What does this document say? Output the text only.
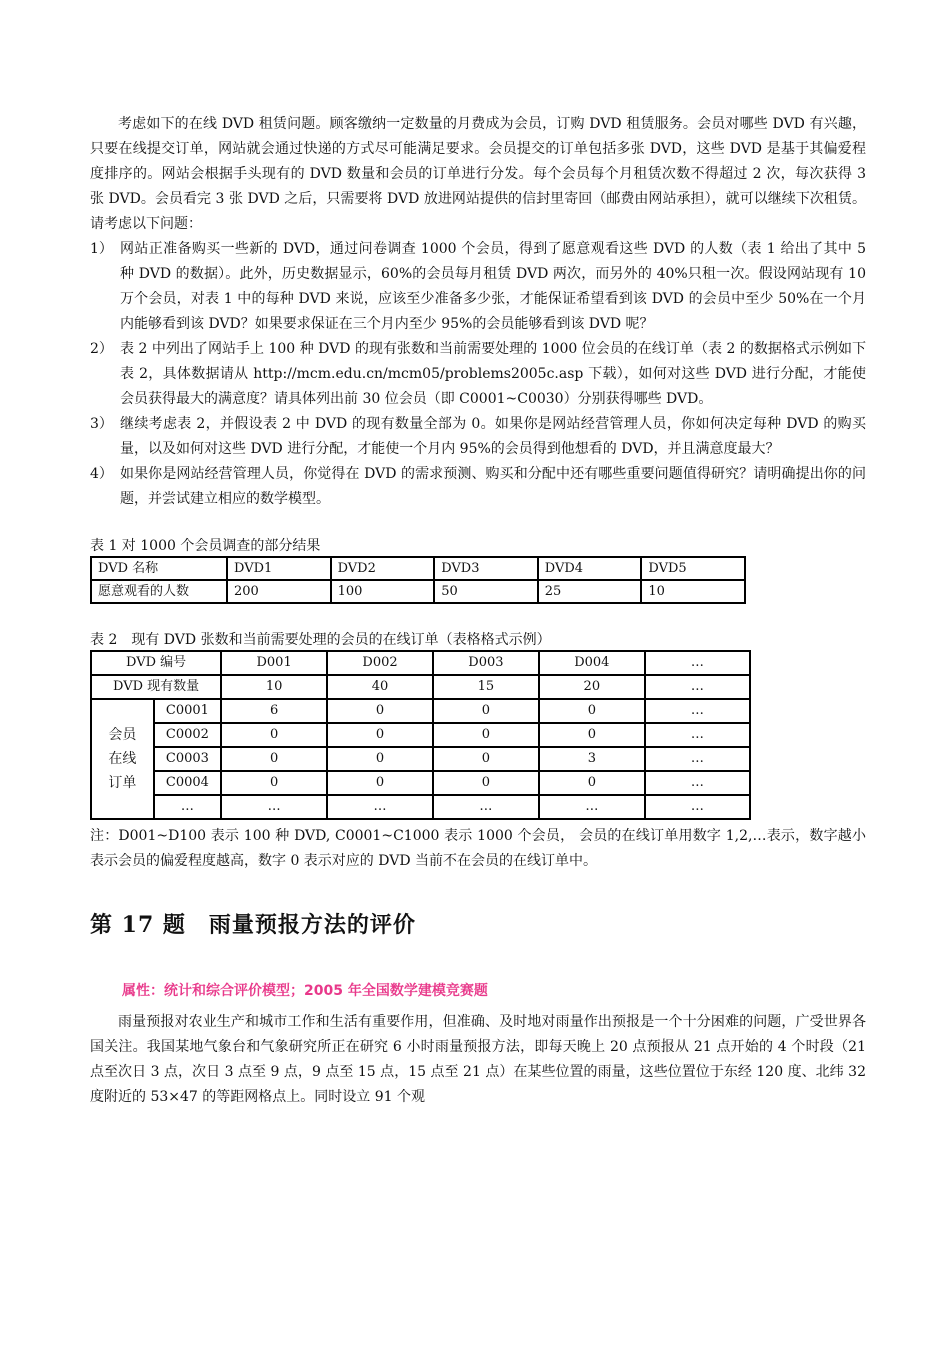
考虑如下的在线 DVD 租赁问题。顾客缴纳一定数量的月费成为会员，订购 DVD 租赁服务。会员对哪些 DVD 有兴趣，只要在线提交订单，网站就会通过快递的方式尽可能满足要求。会员提交的订单包括多张 DVD，这些 DVD 是基于其偏爱程度排序的。网站会根据手头现有的 DVD 数量和会员的订单进行分发。每个会员每个月租赁次数不得超过 2 次，每次获得 3 张 DVD。会员看完 3 张 DVD 之后，只需要将 DVD 放进网站提供的信封里寄回（邮费由网站承担），就可以继续下次租赁。请考虑以下问题：

1） 网站正准备购买一些新的 DVD，通过问卷调查 1000 个会员，得到了愿意观看这些 DVD 的人数（表 1 给出了其中 5 种 DVD 的数据）。此外，历史数据显示，60%的会员每月租赁 DVD 两次，而另外的 40%只租一次。假设网站现有 10 万个会员，对表 1 中的每种 DVD 来说，应该至少准备多少张，才能保证希望看到该 DVD 的会员中至少 50%在一个月内能够看到该 DVD？如果要求保证在三个月内至少 95%的会员能够看到该 DVD 呢？
2） 表 2 中列出了网站手上 100 种 DVD 的现有张数和当前需要处理的 1000 位会员的在线订单（表 2 的数据格式示例如下表 2，具体数据请从 http://mcm.edu.cn/mcm05/problems2005c.asp 下载），如何对这些 DVD 进行分配，才能使会员获得最大的满意度？请具体列出前 30 位会员（即 C0001~C0030）分别获得哪些 DVD。
3） 继续考虑表 2，并假设表 2 中 DVD 的现有数量全部为 0。如果你是网站经营管理人员，你如何决定每种 DVD 的购买量，以及如何对这些 DVD 进行分配，才能使一个月内 95%的会员得到他想看的 DVD，并且满意度最大？
4） 如果你是网站经营管理人员，你觉得在 DVD 的需求预测、购买和分配中还有哪些重要问题值得研究？请明确提出你的问题，并尝试建立相应的数学模型。
表 1 对 1000 个会员调查的部分结果
DVD 名称	DVD1	DVD2	DVD3	DVD4	DVD5
愿意观看的人数	200	100	50	25	10
表 2　现有 DVD 张数和当前需要处理的会员的在线订单（表格格式示例）
DVD 编号		D001	D002	D003	D004	…
DVD 现有数量		10	40	15	20	…

会员
在线
订单	C0001	6	0	0	0	…
	C0002	0	0	0	0	…
	C0003	0	0	0	3	…
	C0004	0	0	0	0	…
	…	…	…	…	…	…

注：D001~D100 表示 100 种 DVD, C0001~C1000 表示 1000 个会员， 会员的在线订单用数字 1,2,…表示，数字越小表示会员的偏爱程度越高，数字 0 表示对应的 DVD 当前不在会员的在线订单中。

第 17 题　雨量预报方法的评价
属性：统计和综合评价模型；2005 年全国数学建模竞赛题

雨量预报对农业生产和城市工作和生活有重要作用，但准确、及时地对雨量作出预报是一个十分困难的问题，广受世界各国关注。我国某地气象台和气象研究所正在研究 6 小时雨量预报方法，即每天晚上 20 点预报从 21 点开始的 4 个时段（21 点至次日 3 点，次日 3 点至 9 点，9 点至 15 点，15 点至 21 点）在某些位置的雨量，这些位置位于东经 120 度、北纬 32 度附近的 53×47 的等距网格点上。同时设立 91 个观
